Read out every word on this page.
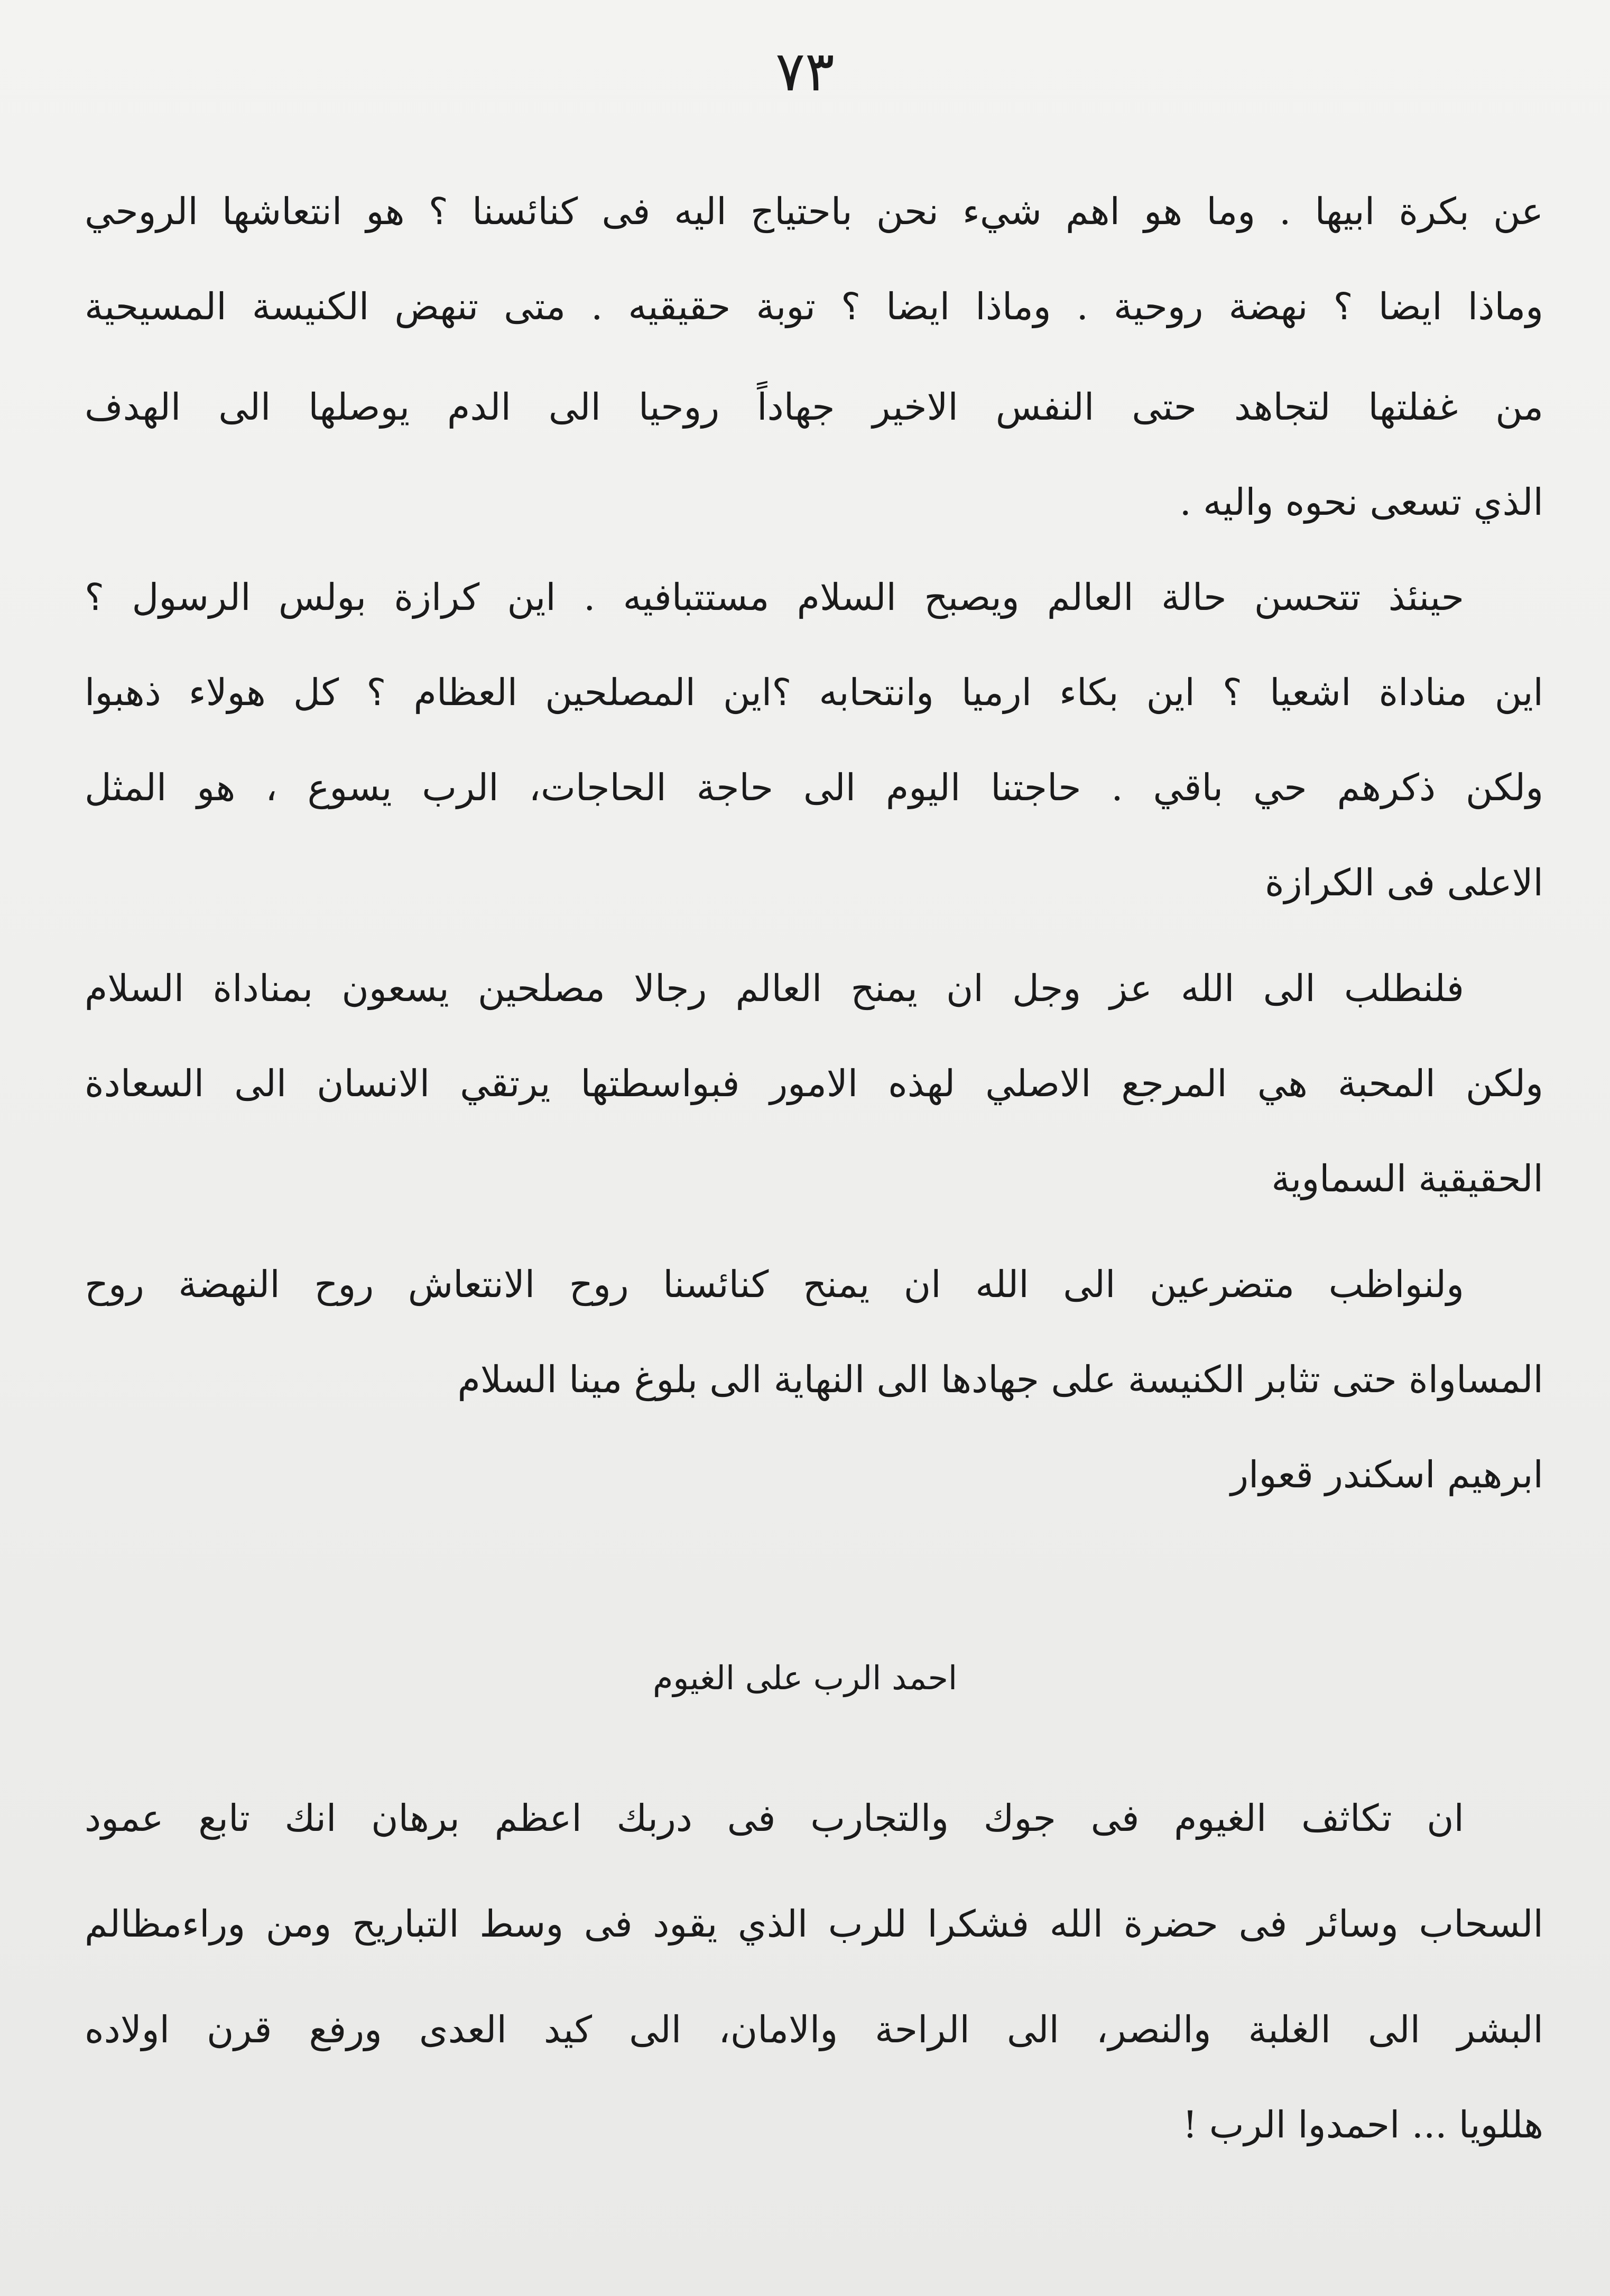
٧٣
عن بكرة ابيها . وما هو اهم شيء نحن باحتياج اليه فى كنائسنا ؟ هو انتعاشها الروحي
وماذا ايضا ؟ نهضة روحية . وماذا ايضا ؟ توبة حقيقيه . متى تنهض الكنيسة المسيحية
من غفلتها لتجاهد حتى النفس الاخير جهاداً روحيا الى الدم يوصلها الى الهدف
الذي تسعى نحوه واليه .
حينئذ تتحسن حالة العالم ويصبح السلام مستتبافيه . اين كرازة بولس الرسول ؟
اين مناداة اشعيا ؟ اين بكاء ارميا وانتحابه ؟اين المصلحين العظام ؟ كل هولاء ذهبوا
ولكن ذكرهم حي باقي . حاجتنا اليوم الى حاجة الحاجات، الرب يسوع ، هو المثل
الاعلى فى الكرازة
فلنطلب الى الله عز وجل ان يمنح العالم رجالا مصلحين يسعون بمناداة السلام
ولكن المحبة هي المرجع الاصلي لهذه الامور فبواسطتها يرتقي الانسان الى السعادة
الحقيقية السماوية
ولنواظب متضرعين الى الله ان يمنح كنائسنا روح الانتعاش روح النهضة روح
المساواة حتى تثابر الكنيسة على جهادها الى النهاية الى بلوغ مينا السلام
ابرهيم اسكندر قعوار
احمد الرب على الغيوم
ان تكاثف الغيوم فى جوك والتجارب فى دربك اعظم برهان انك تابع عمود
السحاب وسائر فى حضرة الله فشكرا للرب الذي يقود فى وسط التباريح ومن وراءمظالم
البشر الى الغلبة والنصر، الى الراحة والامان، الى كيد العدى ورفع قرن اولاده
هللويا ... احمدوا الرب !
